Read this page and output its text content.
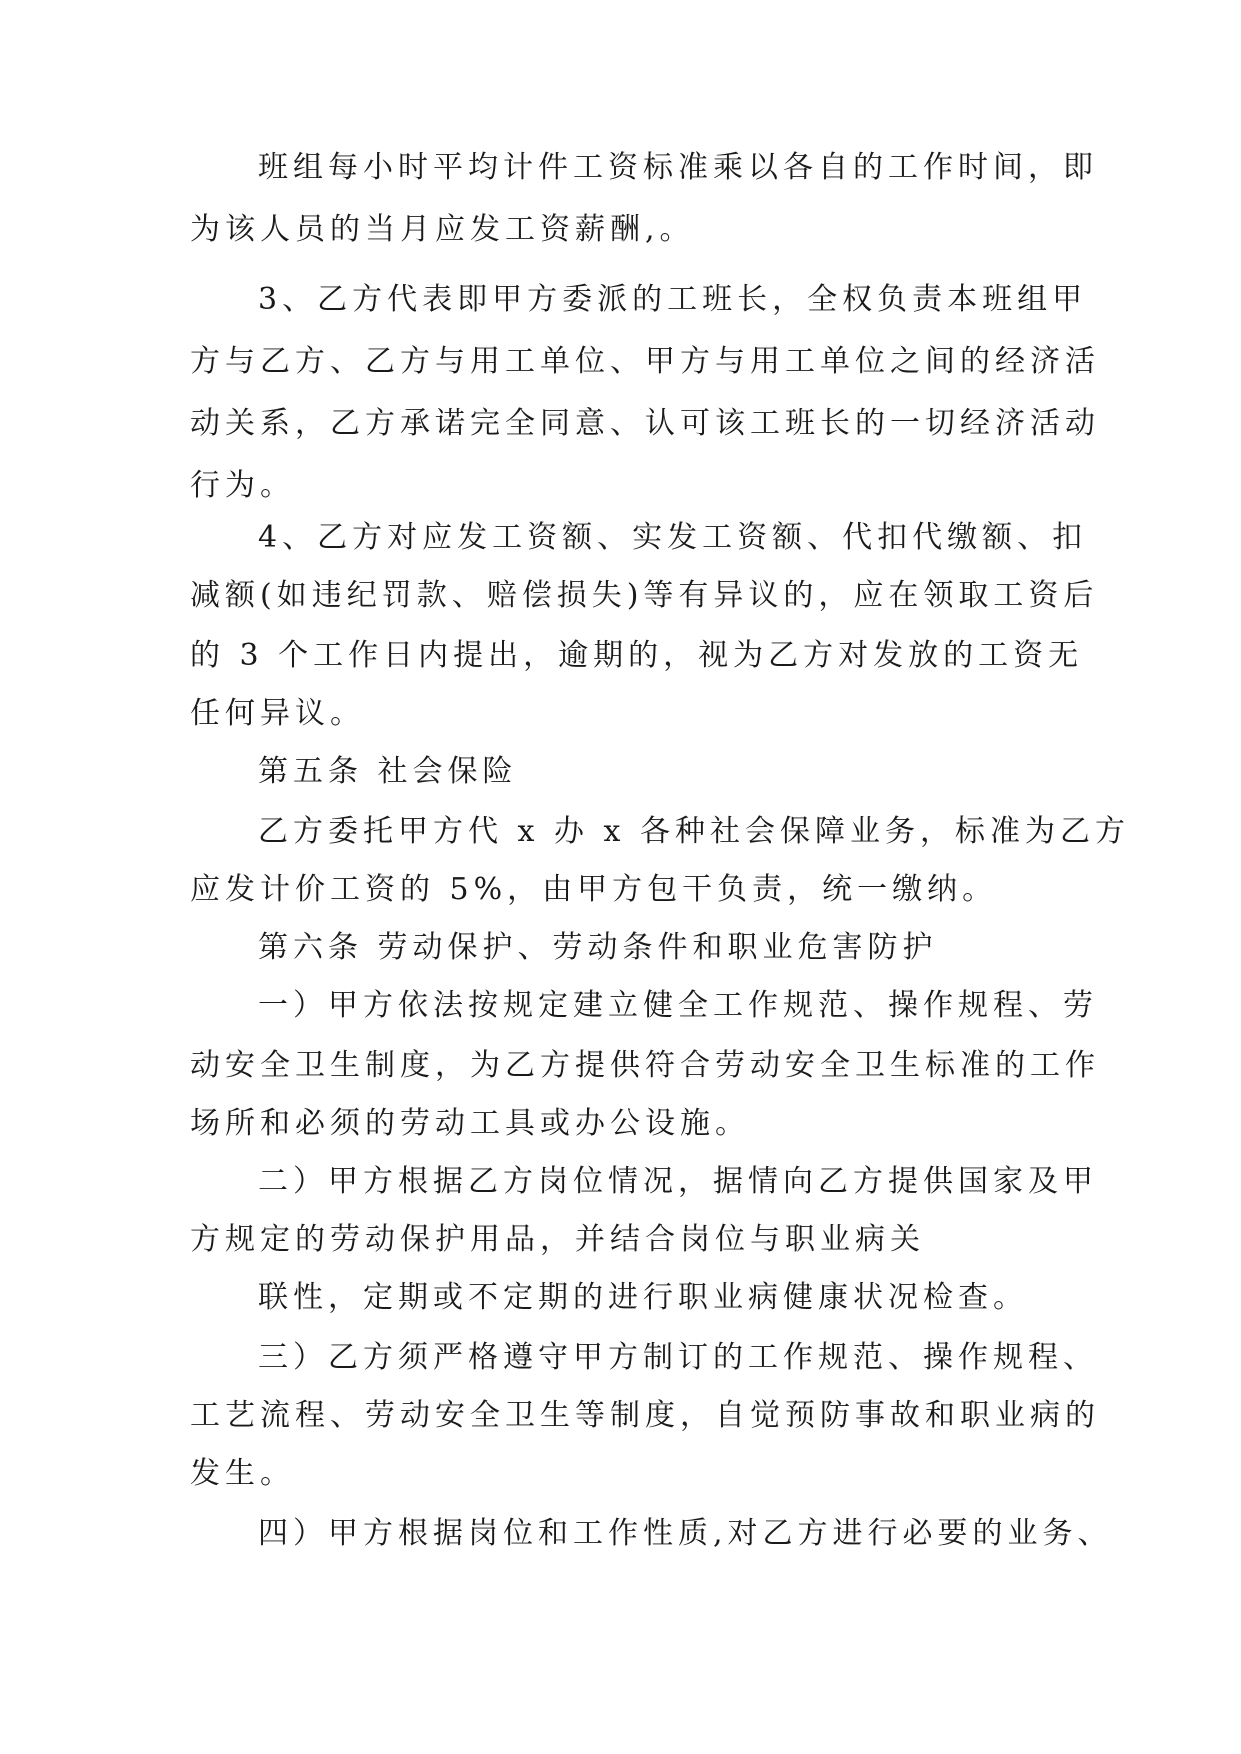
班组每小时平均计件工资标准乘以各自的工作时间，即
为该人员的当月应发工资薪酬,。
3、乙方代表即甲方委派的工班长，全权负责本班组甲
方与乙方、乙方与用工单位、甲方与用工单位之间的经济活
动关系，乙方承诺完全同意、认可该工班长的一切经济活动
行为。
4、乙方对应发工资额、实发工资额、代扣代缴额、扣
减额(如违纪罚款、赔偿损失)等有异议的，应在领取工资后
的 3 个工作日内提出，逾期的，视为乙方对发放的工资无
任何异议。
第五条 社会保险
乙方委托甲方代 x 办 x 各种社会保障业务，标准为乙方
应发计价工资的 5%，由甲方包干负责，统一缴纳。
第六条 劳动保护、劳动条件和职业危害防护
一）甲方依法按规定建立健全工作规范、操作规程、劳
动安全卫生制度，为乙方提供符合劳动安全卫生标准的工作
场所和必须的劳动工具或办公设施。
二）甲方根据乙方岗位情况，据情向乙方提供国家及甲
方规定的劳动保护用品，并结合岗位与职业病关
联性，定期或不定期的进行职业病健康状况检查。
三）乙方须严格遵守甲方制订的工作规范、操作规程、
工艺流程、劳动安全卫生等制度，自觉预防事故和职业病的
发生。
四）甲方根据岗位和工作性质,对乙方进行必要的业务、
